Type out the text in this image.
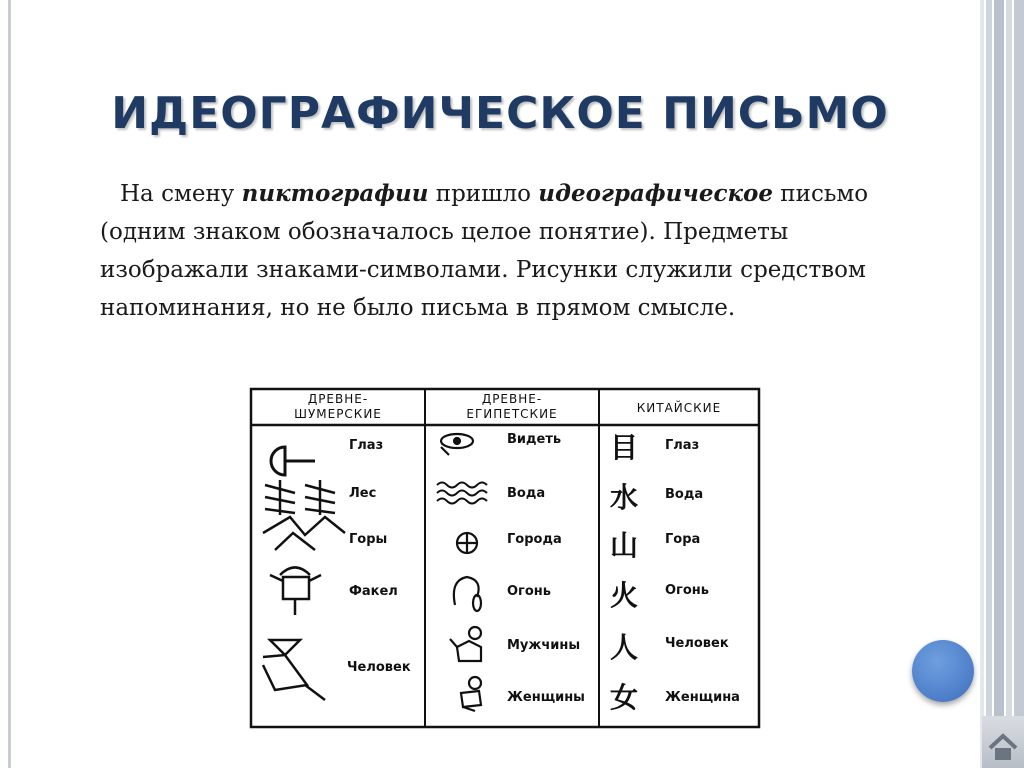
ИДЕОГРАФИЧЕСКОЕ ПИСЬМО
На смену пиктографии пришло идеографическое письмо (одним знаком обозначалось целое понятие). Предметы изображали знаками-символами. Рисунки служили средством напоминания, но не было письма в прямом смысле.
ДРЕВНЕ-
ШУМЕРСКИЕ
ДРЕВНЕ-
ЕГИПЕТСКИЕ	КИТАЙСКИЕ
Глаз
Лес
Горы
Факел
Человек
Видеть
Вода
Города
Огонь
Мужчины
Женщины
目
水
山
火
人
女
Глаз
Вода
Гора
Огонь
Человек
Женщина
